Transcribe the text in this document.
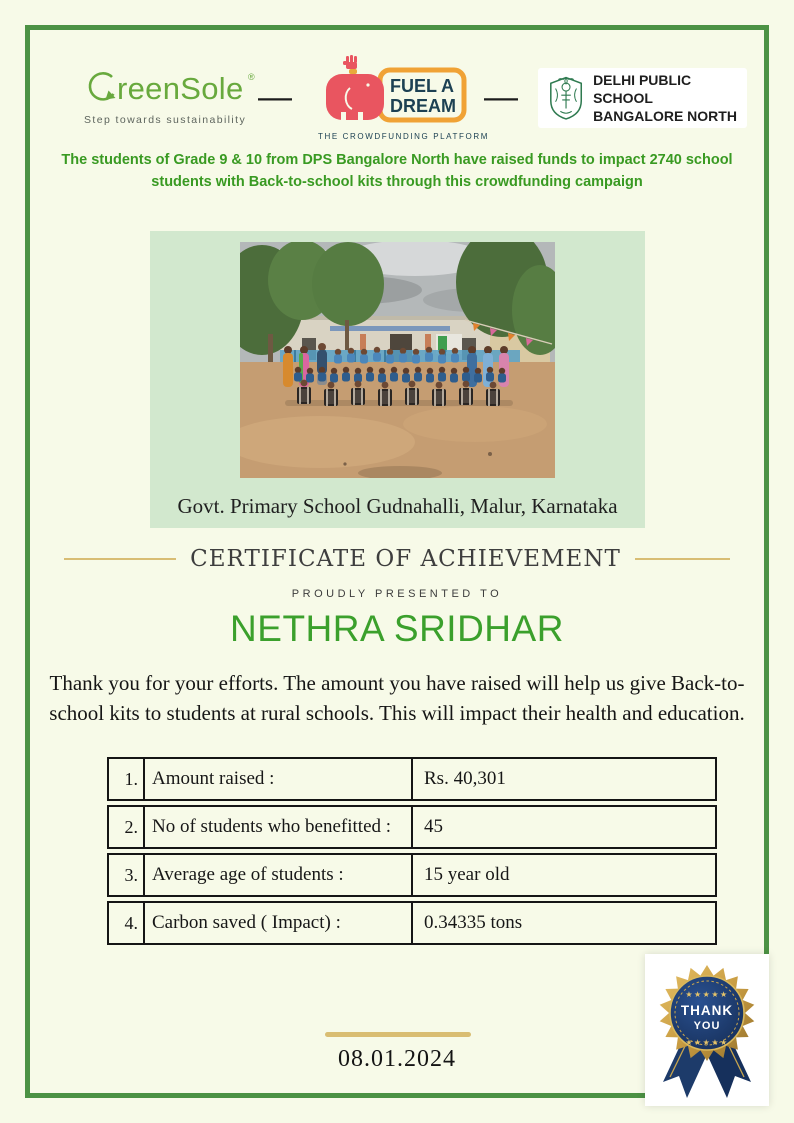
reenSole ®
Step towards sustainability
—	—
FUEL A
DREAM
THE CROWDFUNDING PLATFORM
DELHI PUBLIC SCHOOL
BANGALORE NORTH
The students of Grade 9 & 10 from DPS Bangalore North have raised funds to impact 2740 school
students with Back-to-school kits through this crowdfunding campaign
Govt. Primary School Gudnahalli, Malur, Karnataka
CERTIFICATE OF ACHIEVEMENT
PROUDLY PRESENTED TO
NETHRA SRIDHAR
Thank you for your efforts. The amount you have raised will help us give Back-to-
school kits to students at rural schools. This will impact their health and education.
1. Amount raised :	Rs. 40,301
2. No of students who benefitted :	45
3. Average age of students :	15 year old
4. Carbon saved ( Impact) :	0.34335 tons
08.01.2024
★★★★★
THANK
YOU
★★★★★
